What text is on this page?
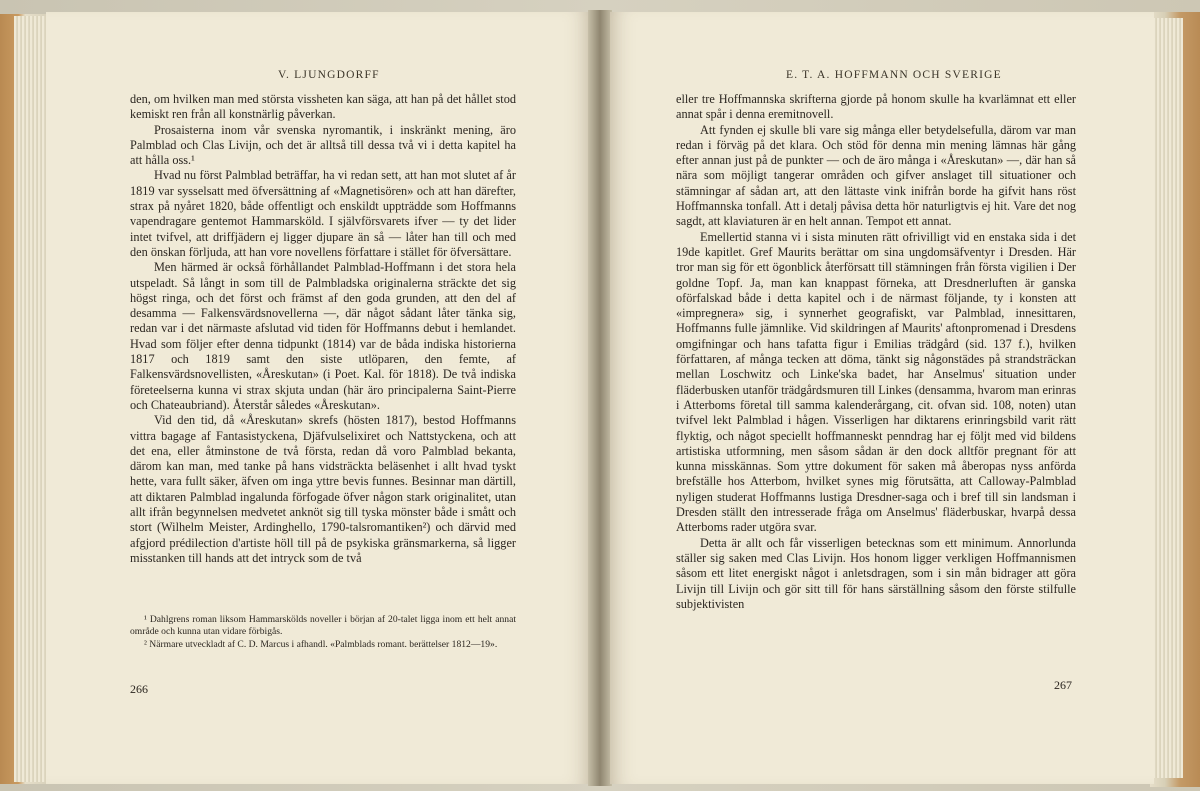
V. LJUNGDORFF

den, om hvilken man med största vissheten kan säga, att han på det hållet stod kemiskt ren från all konstnärlig påverkan.

Prosaisterna inom vår svenska nyromantik, i inskränkt mening, äro Palmblad och Clas Livijn, och det är alltså till dessa två vi i detta kapitel ha att hålla oss.¹

Hvad nu först Palmblad beträffar, ha vi redan sett, att han mot slutet af år 1819 var sysselsatt med öfversättning af «Magnetisören» och att han därefter, strax på nyåret 1820, både offentligt och enskildt uppträdde som Hoffmanns vapendragare gentemot Hammarsköld. I självförsvarets ifver — ty det lider intet tvifvel, att driffjädern ej ligger djupare än så — låter han till och med den önskan förljuda, att han vore novellens författare i stället för öfversättare.

Men härmed är också förhållandet Palmblad-Hoffmann i det stora hela utspeladt. Så långt in som till de Palmbladska originalerna sträckte det sig högst ringa, och det först och främst af den goda grunden, att den del af desamma — Falkensvärdsnovellerna —, där något sådant låter tänka sig, redan var i det närmaste afslutad vid tiden för Hoffmanns debut i hemlandet. Hvad som följer efter denna tidpunkt (1814) var de båda indiska historierna 1817 och 1819 samt den siste utlöparen, den femte, af Falkensvärdsnovellisten, «Åreskutan» (i Poet. Kal. för 1818). De två indiska företeelserna kunna vi strax skjuta undan (här äro principalerna Saint-Pierre och Chateaubriand). Återstår således «Åreskutan».

Vid den tid, då «Åreskutan» skrefs (hösten 1817), bestod Hoffmanns vittra bagage af Fantasistyckena, Djäfvulselixiret och Nattstyckena, och att det ena, eller åtminstone de två första, redan då voro Palmblad bekanta, därom kan man, med tanke på hans vidsträckta beläsenhet i allt hvad tyskt hette, vara fullt säker, äfven om inga yttre bevis funnes. Besinnar man därtill, att diktaren Palmblad ingalunda förfogade öfver någon stark originalitet, utan allt ifrån begynnelsen medvetet anknöt sig till tyska mönster både i smått och stort (Wilhelm Meister, Ardinghello, 1790-talsromantiken²) och därvid med afgjord prédilection d'artiste höll till på de psykiska gränsmarkerna, så ligger misstanken till hands att det intryck som de två

¹ Dahlgrens roman liksom Hammarskölds noveller i början af 20-talet ligga inom ett helt annat område och kunna utan vidare förbigås.

² Närmare utveckladt af C. D. Marcus i afhandl. «Palmblads romant. berättelser 1812—19».

266
E. T. A. HOFFMANN OCH SVERIGE

eller tre Hoffmannska skrifterna gjorde på honom skulle ha kvarlämnat ett eller annat spår i denna eremitnovell.

Att fynden ej skulle bli vare sig många eller betydelsefulla, därom var man redan i förväg på det klara. Och stöd för denna min mening lämnas här gång efter annan just på de punkter — och de äro många i «Åreskutan» —, där han så nära som möjligt tangerar områden och gifver anslaget till situationer och stämningar af sådan art, att den lättaste vink inifrån borde ha gifvit hans röst Hoffmannska tonfall. Att i detalj påvisa detta hör naturligtvis ej hit. Vare det nog sagdt, att klaviaturen är en helt annan. Tempot ett annat.

Emellertid stanna vi i sista minuten rätt ofrivilligt vid en enstaka sida i det 19de kapitlet. Gref Maurits berättar om sina ungdomsäfventyr i Dresden. Här tror man sig för ett ögonblick återförsatt till stämningen från första vigilien i Der goldne Topf. Ja, man kan knappast förneka, att Dresdnerluften är ganska oförfalskad både i detta kapitel och i de närmast följande, ty i konsten att «impregnera» sig, i synnerhet geografiskt, var Palmblad, innesittaren, Hoffmanns fulle jämnlike. Vid skildringen af Maurits' aftonpromenad i Dresdens omgifningar och hans tafatta figur i Emilias trädgård (sid. 137 f.), hvilken författaren, af många tecken att döma, tänkt sig någonstädes på strandsträckan mellan Loschwitz och Linke'ska badet, har Anselmus' situation under fläderbusken utanför trädgårdsmuren till Linkes (densamma, hvarom man erinras i Atterboms företal till samma kalenderårgang, cit. ofvan sid. 108, noten) utan tvifvel lekt Palmblad i hågen. Visserligen har diktarens erinringsbild varit rätt flyktig, och något speciellt hoffmanneskt penndrag har ej följt med vid bildens artistiska utformning, men såsom sådan är den dock alltför pregnant för att kunna misskännas. Som yttre dokument för saken må åberopas nyss anförda brefställe hos Atterbom, hvilket synes mig förutsätta, att Calloway-Palmblad nyligen studerat Hoffmanns lustiga Dresdner-saga och i bref till sin landsman i Dresden ställt den intresserade fråga om Anselmus' fläderbuskar, hvarpå dessa Atterboms rader utgöra svar.

Detta är allt och får visserligen betecknas som ett minimum. Annorlunda ställer sig saken med Clas Livijn. Hos honom ligger verkligen Hoffmannismen såsom ett litet energiskt något i anletsdragen, som i sin mån bidrager att göra Livijn till Livijn och gör sitt till för hans särställning såsom den förste stilfulle subjektivisten

267
